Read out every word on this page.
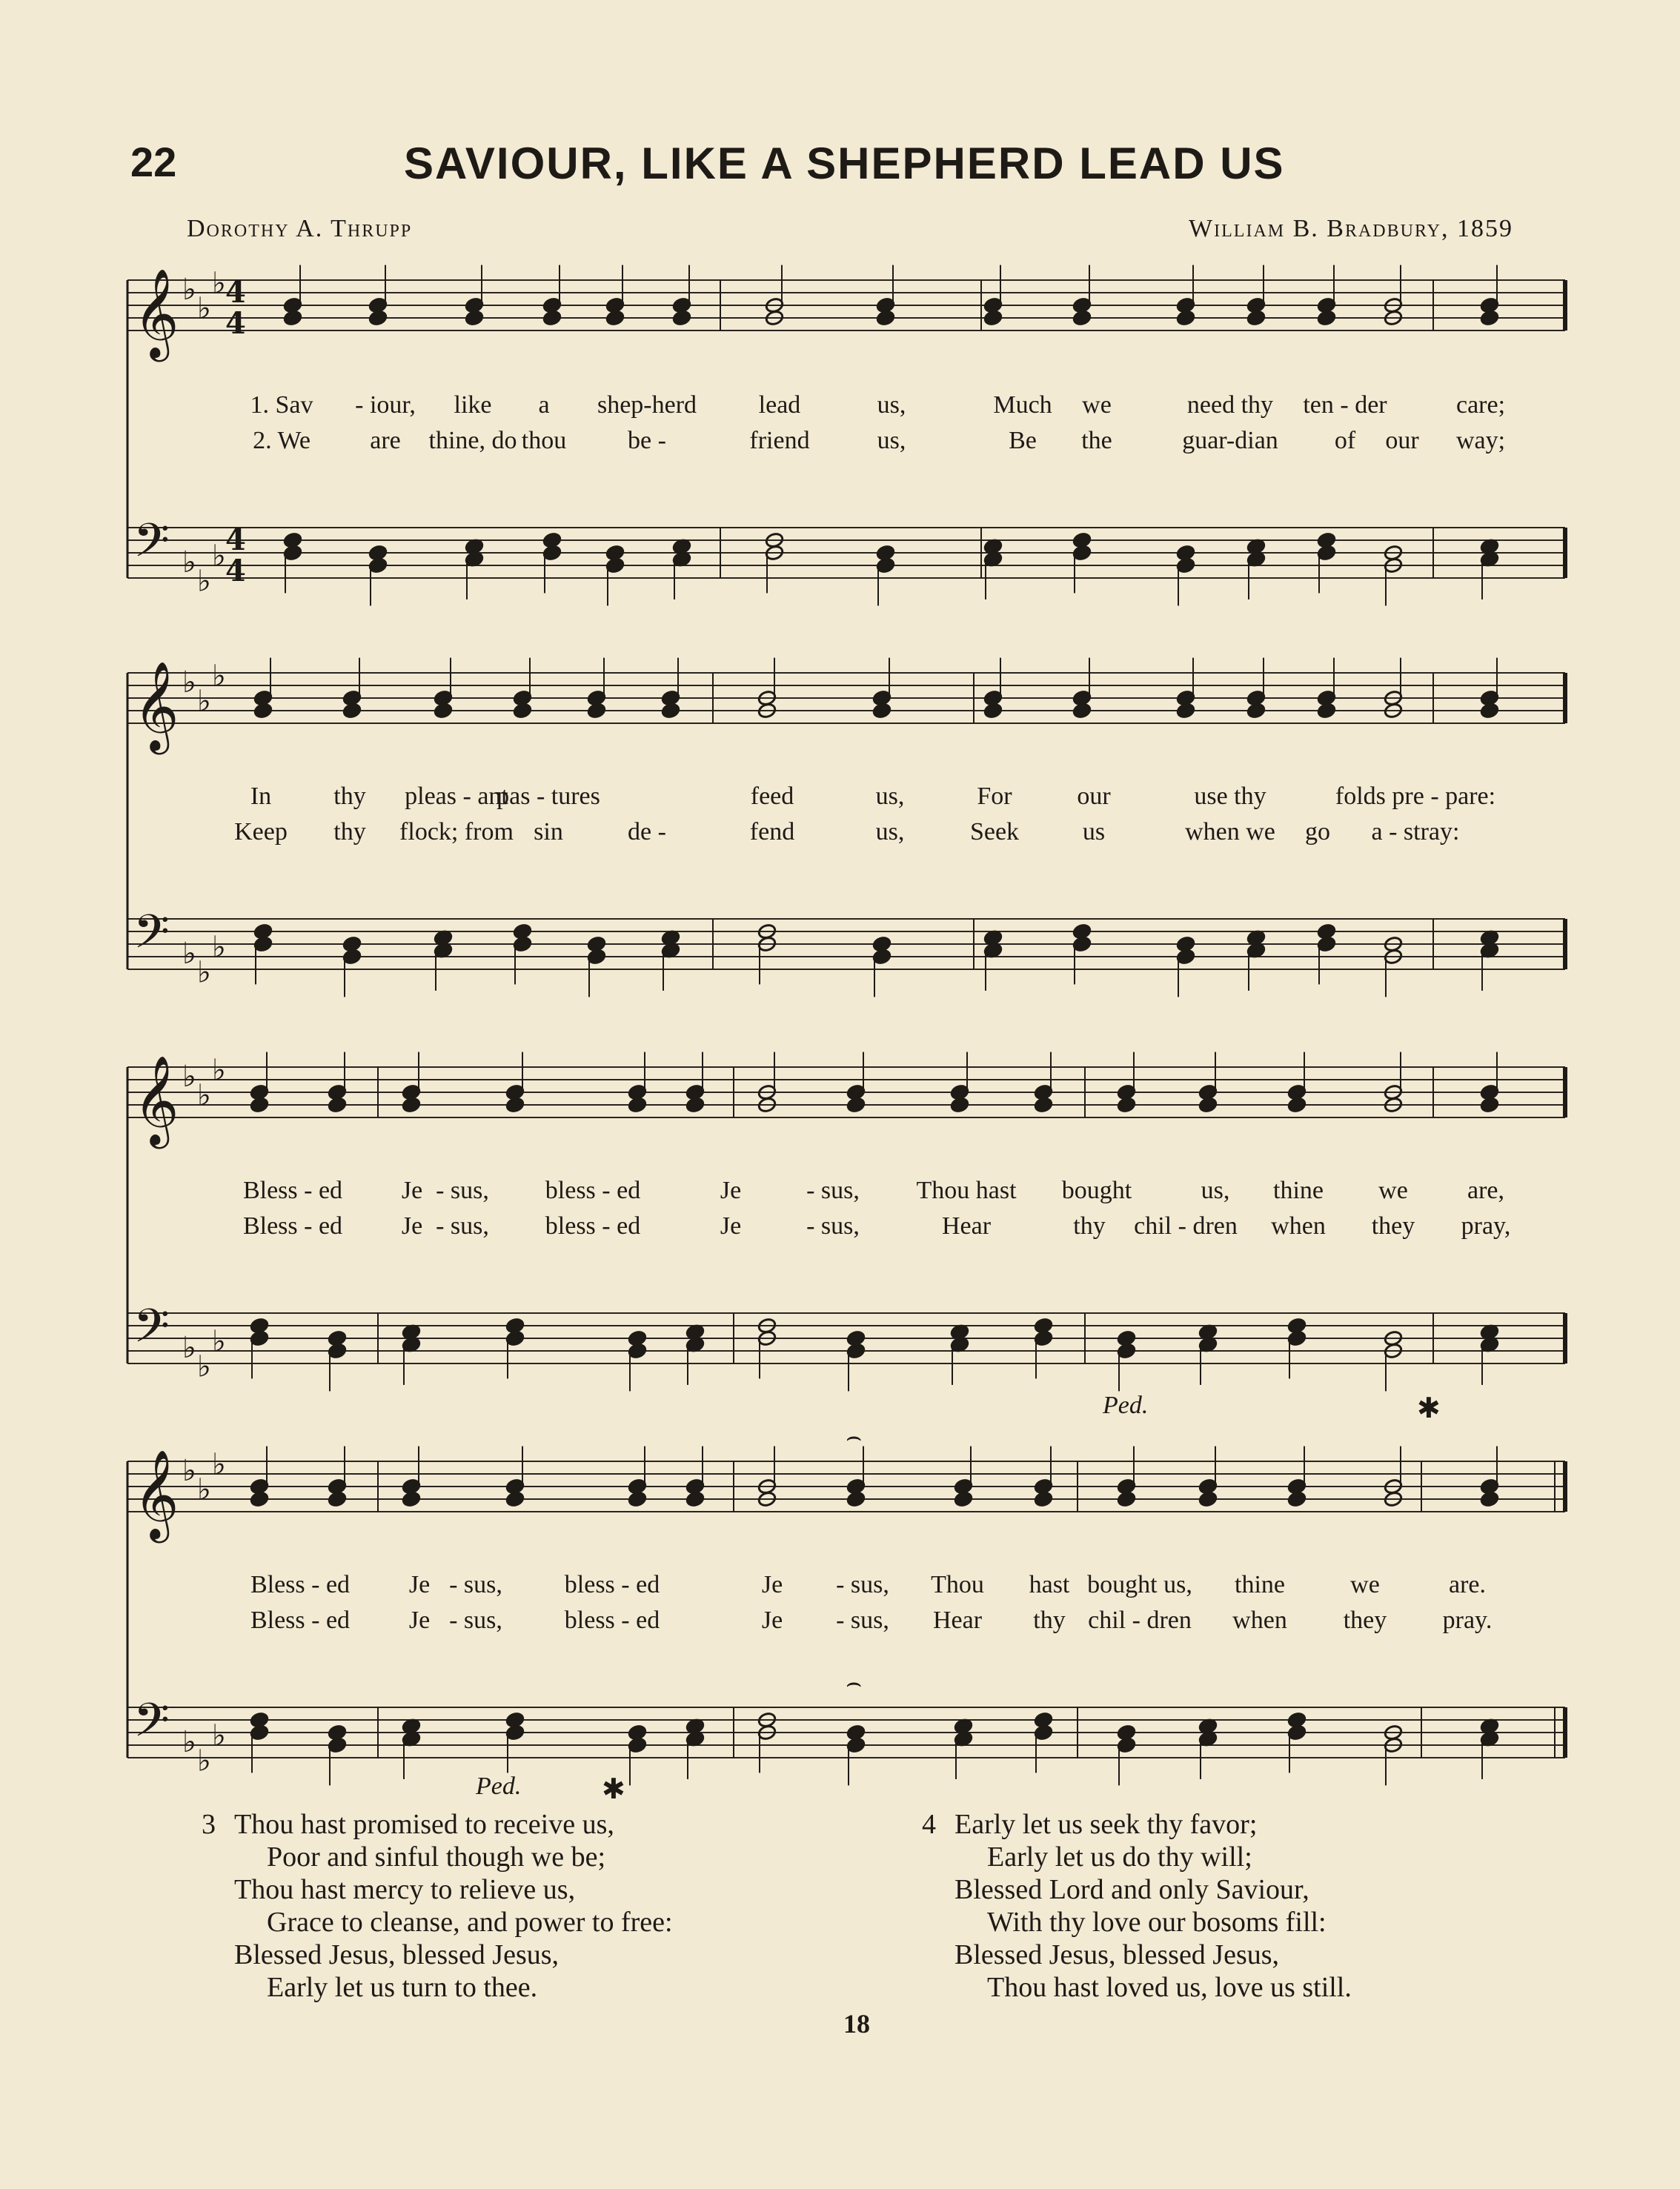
22	SAVIOUR, LIKE A SHEPHERD LEAD US
Dorothy A. Thrupp	William B. Bradbury, 1859
𝄞 ♭
♭
♭ 4
4
𝄢 ♭
♭
♭ 4
4
𝄞 ♭
♭
♭
𝄢 ♭
♭
♭
𝄞 ♭
♭
♭
𝄢 ♭
♭
♭
𝄞 ♭
♭
♭
𝄢 ♭
♭
♭
⌢
⌢
1. Sav - iour, like a shep-herd lead	us,	Much we	need thy ten - der	care;
2. We are thine, do thou be -	friend	us,	Be the	guar-dian of our way;
In thy pleas - ant
pas - tures	feed	us,	For	our	use thy	folds pre - pare:
Keep thy flock; from sin	de -	fend	us,	Seek	us	when we go a - stray:
Bless - ed Je - sus, bless - ed	Je	- sus, Thou hast bought	us, thine we are,
Bless - ed Je - sus, bless - ed	Je	- sus,	Hear	thy chil - dren when they pray,
Bless - ed Je - sus, bless - ed	Je - sus, Thou hast bought us, thine	we	are.
Bless - ed Je - sus, bless - ed	Je - sus, Hear thy chil - dren when they pray.
Ped.	✱
Ped.	✱
3 Thou hast promised to receive us,
Poor and sinful though we be;
Thou hast mercy to relieve us,
Grace to cleanse, and power to free:
Blessed Jesus, blessed Jesus,
Early let us turn to thee.
4 Early let us seek thy favor;
Early let us do thy will;
Blessed Lord and only Saviour,
With thy love our bosoms fill:
Blessed Jesus, blessed Jesus,
Thou hast loved us, love us still.
18
